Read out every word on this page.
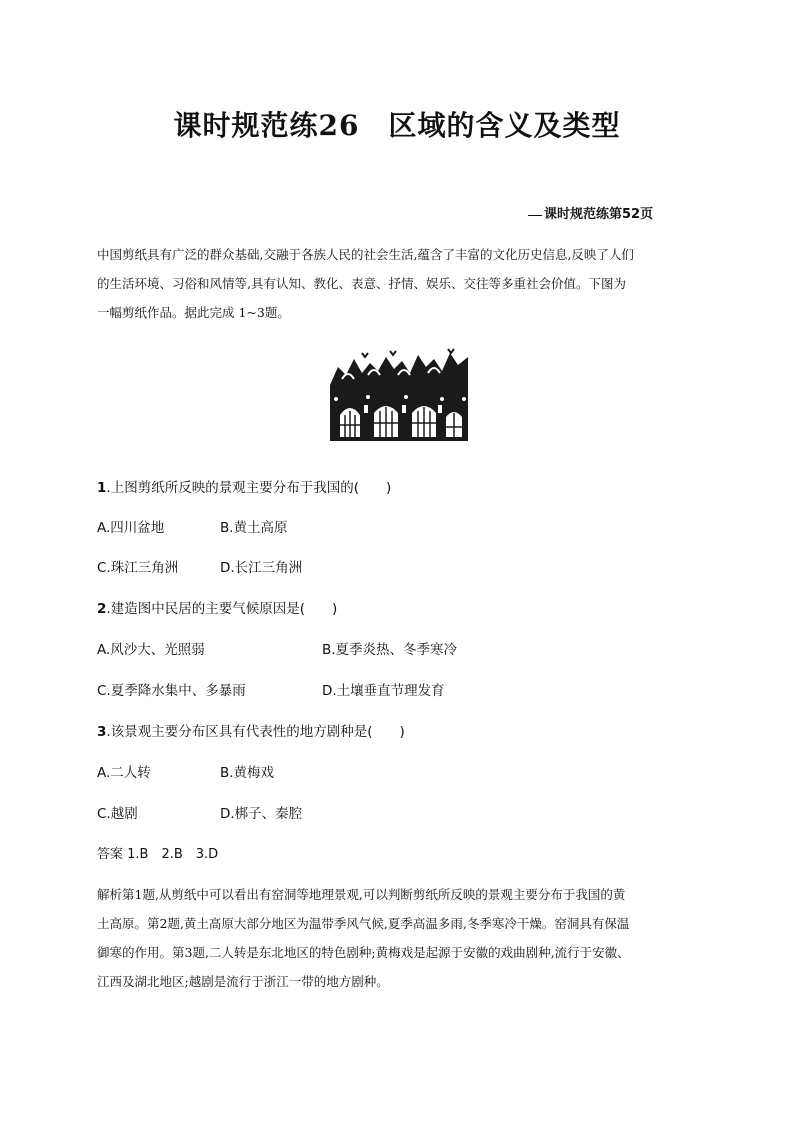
课时规范练26　区域的含义及类型
课时规范练第52页

中国剪纸具有广泛的群众基础,交融于各族人民的社会生活,蕴含了丰富的文化历史信息,反映了人们

的生活环境、习俗和风情等,具有认知、教化、表意、抒情、娱乐、交往等多重社会价值。下图为

一幅剪纸作品。据此完成 1~3题。

1.上图剪纸所反映的景观主要分布于我国的(　　)
A.四川盆地	B.黄土高原
C.珠江三角洲	D.长江三角洲
2.建造图中民居的主要气候原因是(　　)
A.风沙大、光照弱	B.夏季炎热、冬季寒冷
C.夏季降水集中、多暴雨	D.土壤垂直节理发育
3.该景观主要分布区具有代表性的地方剧种是(　　)
A.二人转	B.黄梅戏
C.越剧	D.梆子、秦腔
答案 1.B　2.B　3.D

解析第1题,从剪纸中可以看出有窑洞等地理景观,可以判断剪纸所反映的景观主要分布于我国的黄

土高原。第2题,黄土高原大部分地区为温带季风气候,夏季高温多雨,冬季寒冷干燥。窑洞具有保温

御寒的作用。第3题,二人转是东北地区的特色剧种;黄梅戏是起源于安徽的戏曲剧种,流行于安徽、

江西及湖北地区;越剧是流行于浙江一带的地方剧种。
